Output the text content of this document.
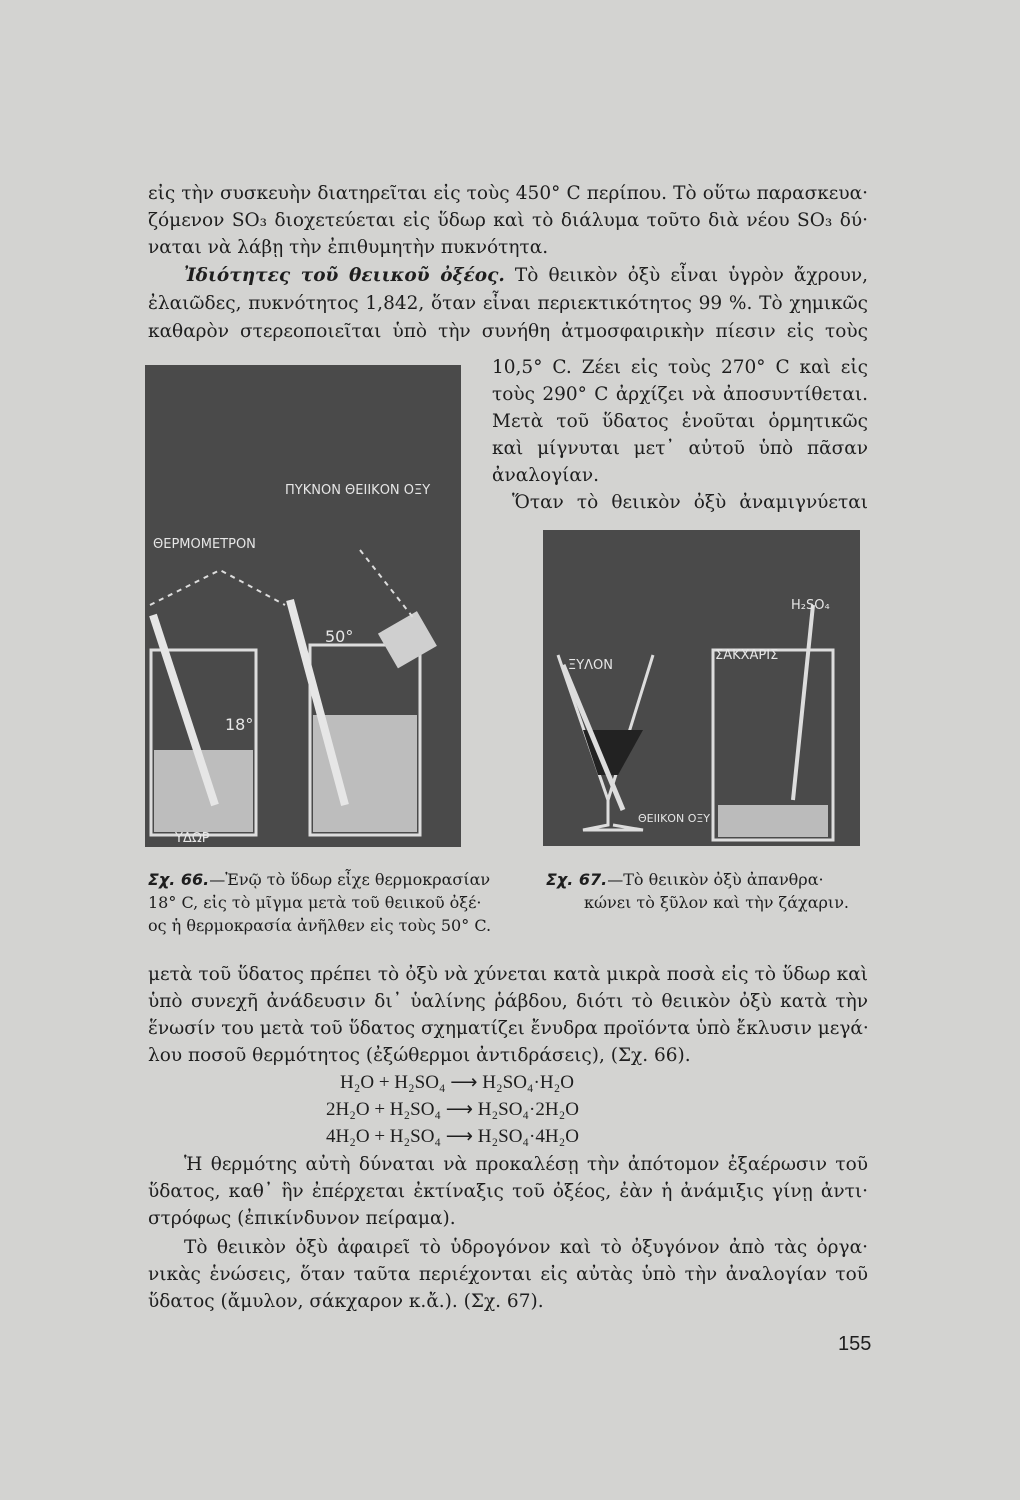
εἰς τὴν συσκευὴν διατηρεῖται εἰς τοὺς 450° C περίπου. Τὸ οὕτω παρασκευα·
ζόμενον SO₃ διοχετεύεται εἰς ὕδωρ καὶ τὸ διάλυμα τοῦτο διὰ νέου SO₃ δύ·
ναται νὰ λάβῃ τὴν ἐπιθυμητὴν πυκνότητα.
Ἰδιότητες τοῦ θειικοῦ ὀξέος. Τὸ θειικὸν ὀξὺ εἶναι ὑγρὸν ἄχρουν,
ἐλαιῶδες, πυκνότητος 1,842, ὅταν εἶναι περιεκτικότητος 99 %. Τὸ χημικῶς
καθαρὸν στερεοποιεῖται ὑπὸ τὴν συνήθη ἀτμοσφαιρικὴν πίεσιν εἰς τοὺς
10,5° C. Ζέει εἰς τοὺς 270° C καὶ εἰς
τοὺς 290° C ἀρχίζει νὰ ἀποσυντίθεται.
Μετὰ τοῦ ὕδατος ἑνοῦται ὁρμητικῶς
καὶ μίγνυται μετ᾽ αὐτοῦ ὑπὸ πᾶσαν
ἀναλογίαν.
Ὅταν τὸ θειικὸν ὀξὺ ἀναμιγνύεται
ΠΥΚΝΟΝ ΘΕΙΙΚΟΝ ΟΞΥ
ΘΕΡΜΟΜΕΤΡΟΝ
18°
50°
ΥΔΩΡ
H₂SO₄
ΞΥΛΟΝ
ΣΑΚΧΑΡΙΣ
ΘΕΙΙΚΟΝ ΟΞΥ
Σχ. 66.—Ἐνῷ τὸ ὕδωρ εἶχε θερμοκρασίαν
18° C, εἰς τὸ μῖγμα μετὰ τοῦ θειικοῦ ὀξέ·
ος ἡ θερμοκρασία ἀνῆλθεν εἰς τοὺς 50° C.
Σχ. 67.—Τὸ θειικὸν ὀξὺ ἀπανθρα·
κώνει τὸ ξῦλον καὶ τὴν ζάχαριν.
μετὰ τοῦ ὕδατος πρέπει τὸ ὀξὺ νὰ χύνεται κατὰ μικρὰ ποσὰ εἰς τὸ ὕδωρ καὶ
ὑπὸ συνεχῆ ἀνάδευσιν δι᾽ ὑαλίνης ῥάβδου, διότι τὸ θειικὸν ὀξὺ κατὰ τὴν
ἕνωσίν του μετὰ τοῦ ὕδατος σχηματίζει ἔνυδρα προϊόντα ὑπὸ ἔκλυσιν μεγά·
λου ποσοῦ θερμότητος (ἐξώθερμοι ἀντιδράσεις), (Σχ. 66).
H₂O + H₂SO₄ ⟶ H₂SO₄·H₂O
2H₂O + H₂SO₄ ⟶ H₂SO₄·2H₂O
4H₂O + H₂SO₄ ⟶ H₂SO₄·4H₂O
Ἡ θερμότης αὐτὴ δύναται νὰ προκαλέσῃ τὴν ἀπότομον ἐξαέρωσιν τοῦ
ὕδατος, καθ᾽ ἣν ἐπέρχεται ἐκτίναξις τοῦ ὀξέος, ἐὰν ἡ ἀνάμιξις γίνῃ ἀντι·
στρόφως (ἐπικίνδυνον πείραμα).
Τὸ θειικὸν ὀξὺ ἀφαιρεῖ τὸ ὑδρογόνον καὶ τὸ ὀξυγόνον ἀπὸ τὰς ὀργα·
νικὰς ἑνώσεις, ὅταν ταῦτα περιέχονται εἰς αὐτὰς ὑπὸ τὴν ἀναλογίαν τοῦ
ὕδατος (ἄμυλον, σάκχαρον κ.ἄ.). (Σχ. 67).
155
